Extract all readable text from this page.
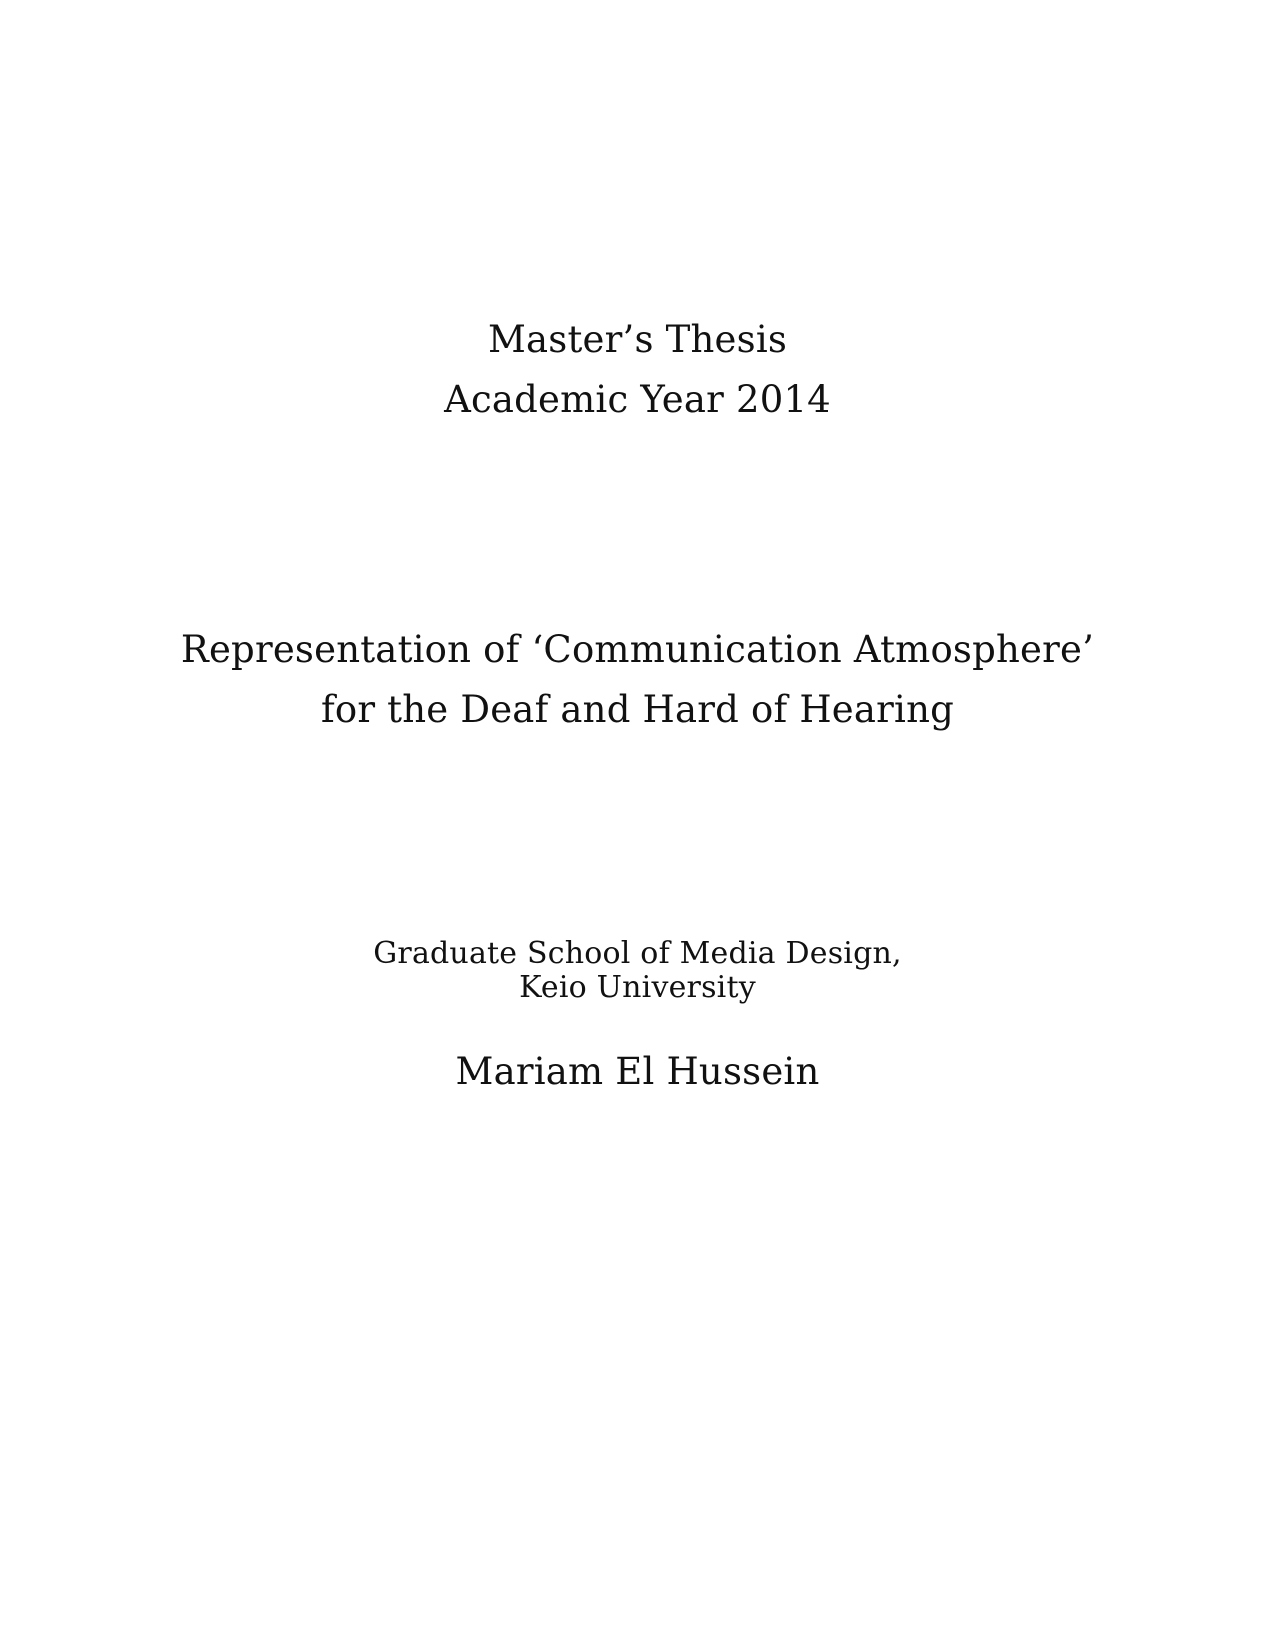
Master’s Thesis
Academic Year 2014
Representation of ‘Communication Atmosphere’
for the Deaf and Hard of Hearing
Graduate School of Media Design,
Keio University
Mariam El Hussein
